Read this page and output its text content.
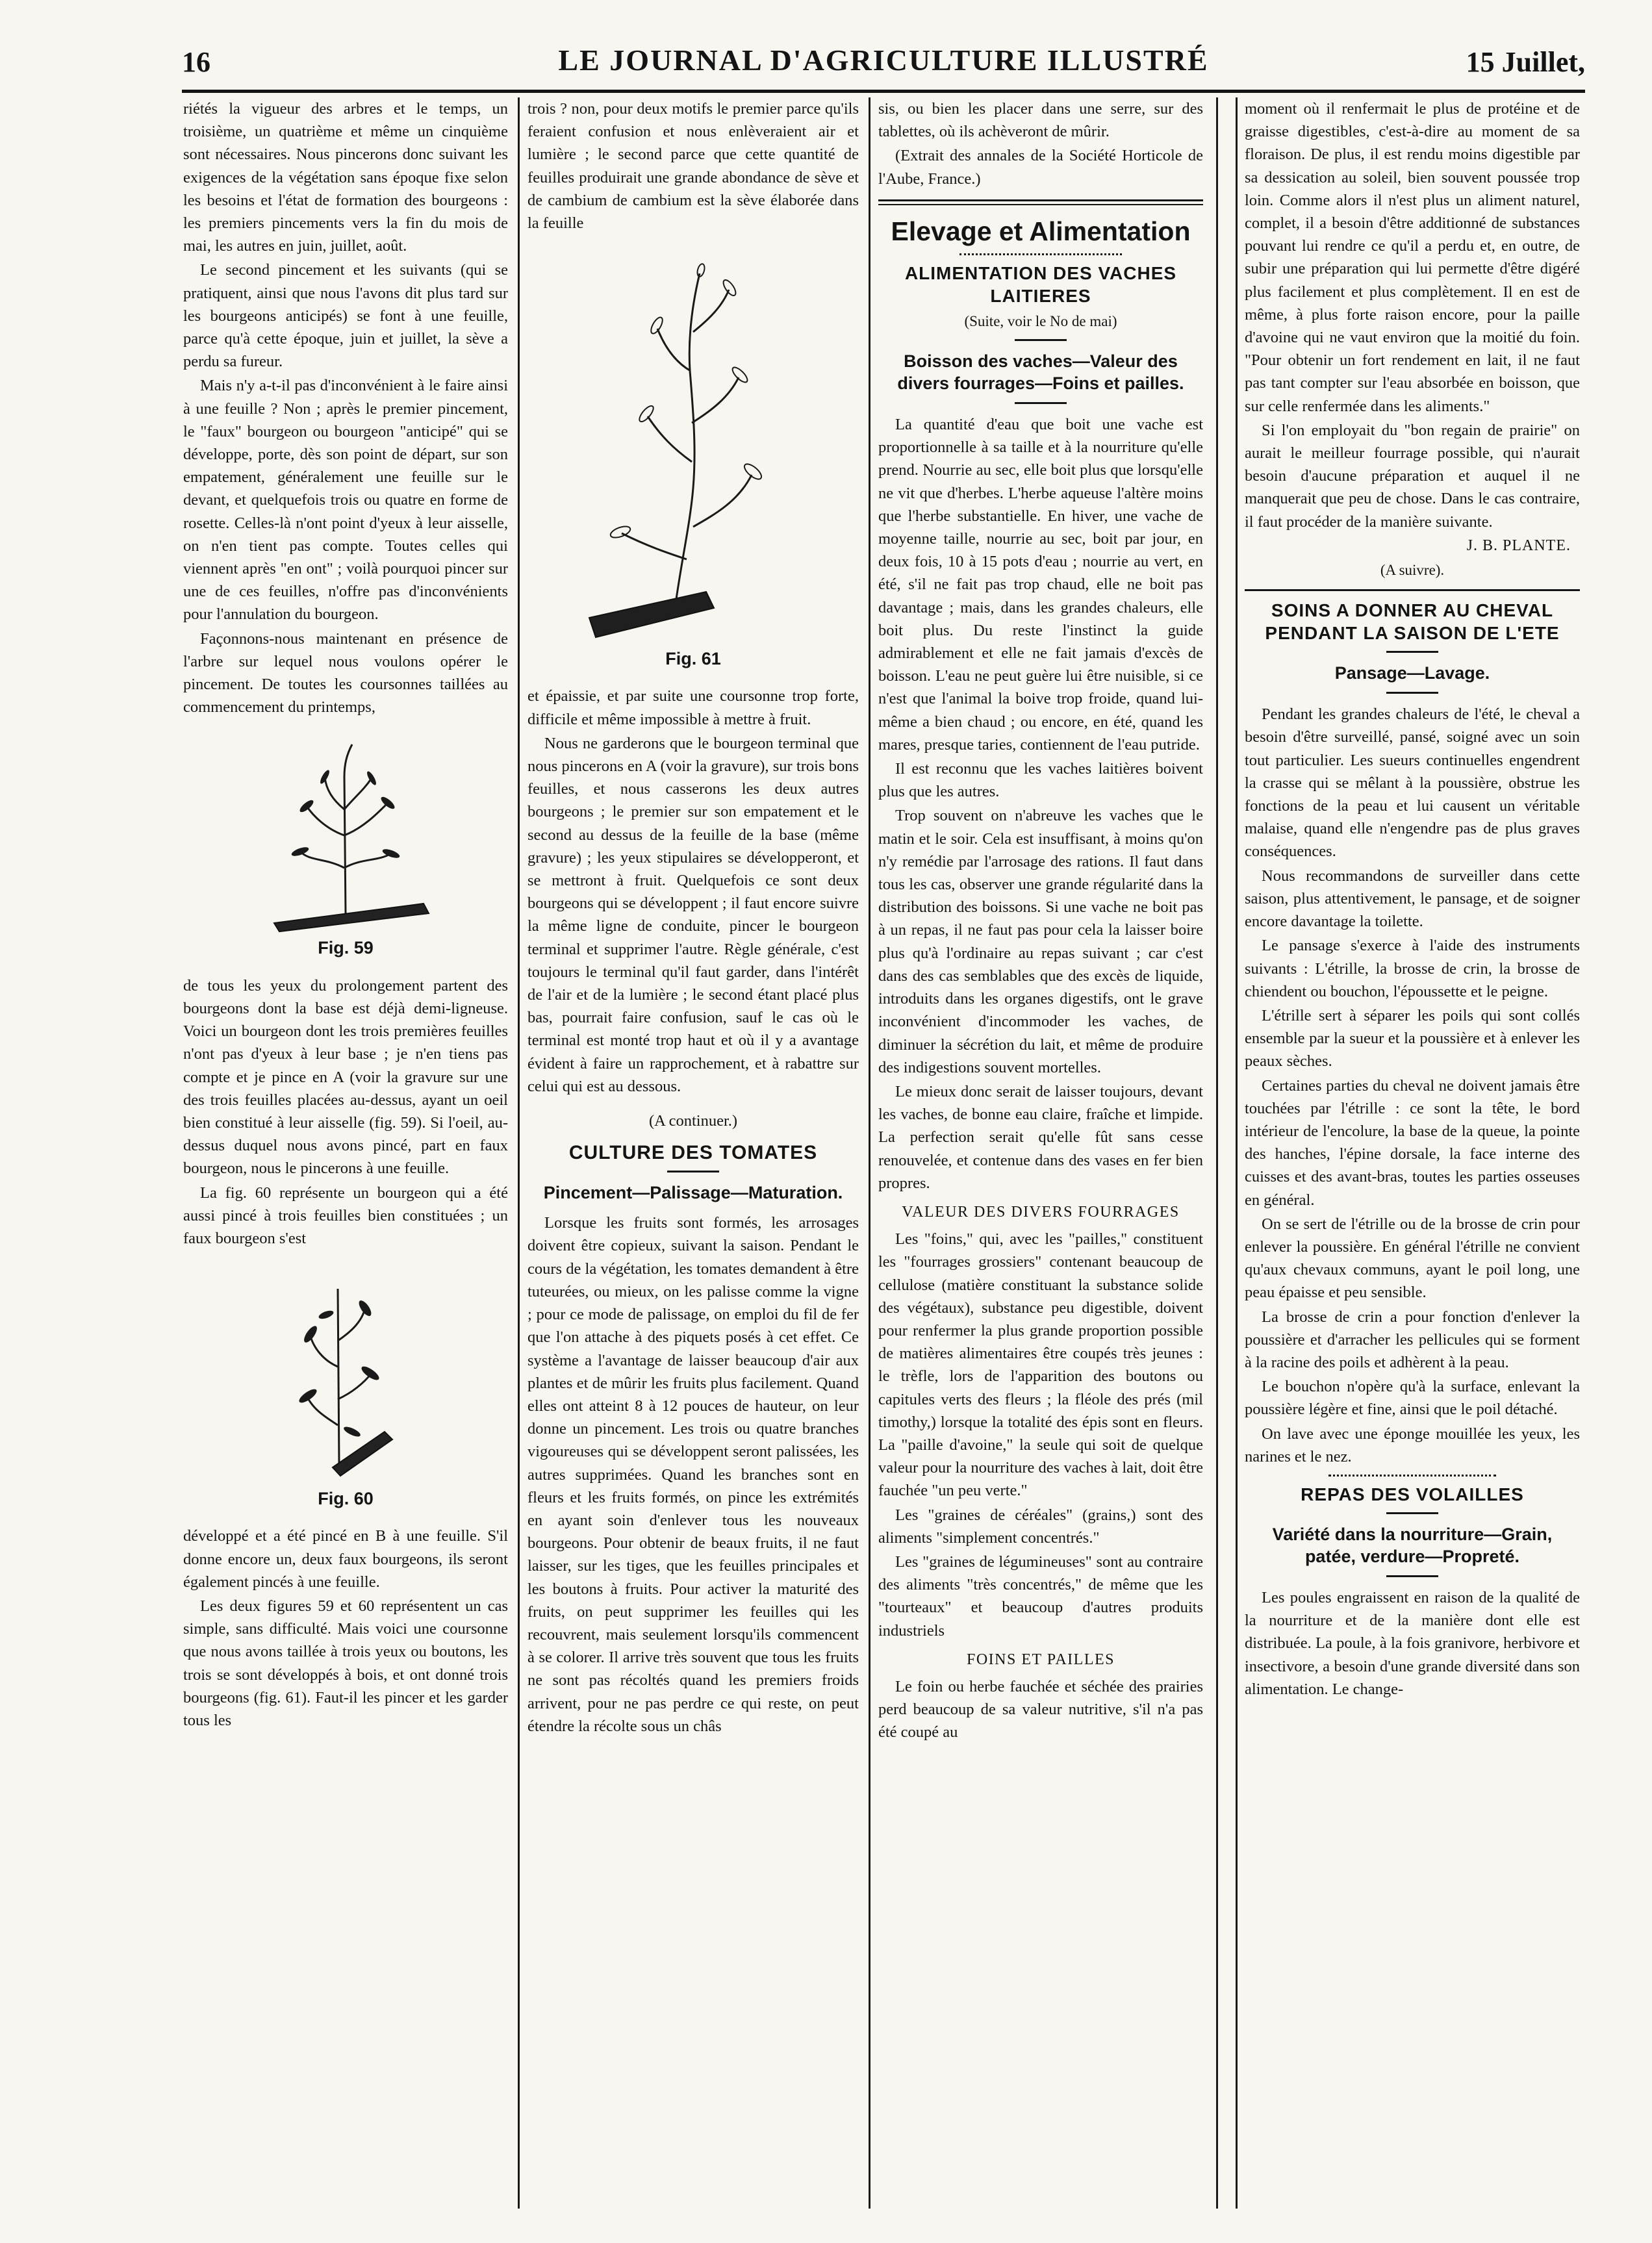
16	LE JOURNAL D'AGRICULTURE ILLUSTRÉ	15 Juillet,

riétés la vigueur des arbres et le temps, un troisième, un quatrième et même un cinquième sont nécessaires. Nous pincerons donc suivant les exigences de la végétation sans époque fixe selon les besoins et l'état de formation des bourgeons : les premiers pincements vers la fin du mois de mai, les autres en juin, juillet, août.

Le second pincement et les suivants (qui se pratiquent, ainsi que nous l'avons dit plus tard sur les bourgeons anticipés) se font à une feuille, parce qu'à cette époque, juin et juillet, la sève a perdu sa fureur.

Mais n'y a-t-il pas d'inconvénient à le faire ainsi à une feuille ? Non ; après le premier pincement, le "faux" bourgeon ou bourgeon "anticipé" qui se développe, porte, dès son point de départ, sur son empatement, généralement une feuille sur le devant, et quelquefois trois ou quatre en forme de rosette. Celles-là n'ont point d'yeux à leur aisselle, on n'en tient pas compte. Toutes celles qui viennent après "en ont" ; voilà pourquoi pincer sur une de ces feuilles, n'offre pas d'inconvénients pour l'annulation du bourgeon.

Façonnons-nous maintenant en présence de l'arbre sur lequel nous voulons opérer le pincement. De toutes les coursonnes taillées au commencement du printemps,

Fig. 59

de tous les yeux du prolongement partent des bourgeons dont la base est déjà demi-ligneuse. Voici un bourgeon dont les trois premières feuilles n'ont pas d'yeux à leur base ; je n'en tiens pas compte et je pince en A (voir la gravure sur une des trois feuilles placées au-dessus, ayant un oeil bien constitué à leur aisselle (fig. 59). Si l'oeil, au-dessus duquel nous avons pincé, part en faux bourgeon, nous le pincerons à une feuille.

La fig. 60 représente un bourgeon qui a été aussi pincé à trois feuilles bien constituées ; un faux bourgeon s'est

Fig. 60

développé et a été pincé en B à une feuille. S'il donne encore un, deux faux bourgeons, ils seront également pincés à une feuille.

Les deux figures 59 et 60 représentent un cas simple, sans difficulté. Mais voici une coursonne que nous avons taillée à trois yeux ou boutons, les trois se sont développés à bois, et ont donné trois bourgeons (fig. 61). Faut-il les pincer et les garder tous les

trois ? non, pour deux motifs le premier parce qu'ils feraient confusion et nous enlèveraient air et lumière ; le second parce que cette quantité de feuilles produirait une grande abondance de sève et de cambium de cambium est la sève élaborée dans la feuille

Fig. 61

et épaissie, et par suite une coursonne trop forte, difficile et même impossible à mettre à fruit.

Nous ne garderons que le bourgeon terminal que nous pincerons en A (voir la gravure), sur trois bons feuilles, et nous casserons les deux autres bourgeons ; le premier sur son empatement et le second au dessus de la feuille de la base (même gravure) ; les yeux stipulaires se développeront, et se mettront à fruit. Quelquefois ce sont deux bourgeons qui se développent ; il faut encore suivre la même ligne de conduite, pincer le bourgeon terminal et supprimer l'autre. Règle générale, c'est toujours le terminal qu'il faut garder, dans l'intérêt de l'air et de la lumière ; le second étant placé plus bas, pourrait faire confusion, sauf le cas où le terminal est monté trop haut et où il y a avantage évident à faire un rapprochement, et à rabattre sur celui qui est au dessous.

(A continuer.)
CULTURE DES TOMATES
Pincement—Palissage—Maturation.

Lorsque les fruits sont formés, les arrosages doivent être copieux, suivant la saison. Pendant le cours de la végétation, les tomates demandent à être tuteurées, ou mieux, on les palisse comme la vigne ; pour ce mode de palissage, on emploi du fil de fer que l'on attache à des piquets posés à cet effet. Ce système a l'avantage de laisser beaucoup d'air aux plantes et de mûrir les fruits plus facilement. Quand elles ont atteint 8 à 12 pouces de hauteur, on leur donne un pincement. Les trois ou quatre branches vigoureuses qui se développent seront palissées, les autres supprimées. Quand les branches sont en fleurs et les fruits formés, on pince les extrémités en ayant soin d'enlever tous les nouveaux bourgeons. Pour obtenir de beaux fruits, il ne faut laisser, sur les tiges, que les feuilles principales et les boutons à fruits. Pour activer la maturité des fruits, on peut supprimer les feuilles qui les recouvrent, mais seulement lorsqu'ils commencent à se colorer. Il arrive très souvent que tous les fruits ne sont pas récoltés quand les premiers froids arrivent, pour ne pas perdre ce qui reste, on peut étendre la récolte sous un châs

sis, ou bien les placer dans une serre, sur des tablettes, où ils achèveront de mûrir.

(Extrait des annales de la Société Horticole de l'Aube, France.)

Elevage et Alimentation
ALIMENTATION DES VACHES LAITIERES
(Suite, voir le No de mai)
Boisson des vaches—Valeur des divers fourrages—Foins et pailles.

La quantité d'eau que boit une vache est proportionnelle à sa taille et à la nourriture qu'elle prend. Nourrie au sec, elle boit plus que lorsqu'elle ne vit que d'herbes. L'herbe aqueuse l'altère moins que l'herbe substantielle. En hiver, une vache de moyenne taille, nourrie au sec, boit par jour, en deux fois, 10 à 15 pots d'eau ; nourrie au vert, en été, s'il ne fait pas trop chaud, elle ne boit pas davantage ; mais, dans les grandes chaleurs, elle boit plus. Du reste l'instinct la guide admirablement et elle ne fait jamais d'excès de boisson. L'eau ne peut guère lui être nuisible, si ce n'est que l'animal la boive trop froide, quand lui-même a bien chaud ; ou encore, en été, quand les mares, presque taries, contiennent de l'eau putride.

Il est reconnu que les vaches laitières boivent plus que les autres.

Trop souvent on n'abreuve les vaches que le matin et le soir. Cela est insuffisant, à moins qu'on n'y remédie par l'arrosage des rations. Il faut dans tous les cas, observer une grande régularité dans la distribution des boissons. Si une vache ne boit pas à un repas, il ne faut pas pour cela la laisser boire plus qu'à l'ordinaire au repas suivant ; car c'est dans des cas semblables que des excès de liquide, introduits dans les organes digestifs, ont le grave inconvénient d'incommoder les vaches, de diminuer la sécrétion du lait, et même de produire des indigestions souvent mortelles.

Le mieux donc serait de laisser toujours, devant les vaches, de bonne eau claire, fraîche et limpide. La perfection serait qu'elle fût sans cesse renouvelée, et contenue dans des vases en fer bien propres.

VALEUR DES DIVERS FOURRAGES

Les "foins," qui, avec les "pailles," constituent les "fourrages grossiers" contenant beaucoup de cellulose (matière constituant la substance solide des végétaux), substance peu digestible, doivent pour renfermer la plus grande proportion possible de matières alimentaires être coupés très jeunes : le trèfle, lors de l'apparition des boutons ou capitules verts des fleurs ; la fléole des prés (mil timothy,) lorsque la totalité des épis sont en fleurs. La "paille d'avoine," la seule qui soit de quelque valeur pour la nourriture des vaches à lait, doit être fauchée "un peu verte."

Les "graines de céréales" (grains,) sont des aliments "simplement concentrés."

Les "graines de légumineuses" sont au contraire des aliments "très concentrés," de même que les "tourteaux" et beaucoup d'autres produits industriels

FOINS ET PAILLES

Le foin ou herbe fauchée et séchée des prairies perd beaucoup de sa valeur nutritive, s'il n'a pas été coupé au

moment où il renfermait le plus de protéine et de graisse digestibles, c'est-à-dire au moment de sa floraison. De plus, il est rendu moins digestible par sa dessication au soleil, bien souvent poussée trop loin. Comme alors il n'est plus un aliment naturel, complet, il a besoin d'être additionné de substances pouvant lui rendre ce qu'il a perdu et, en outre, de subir une préparation qui lui permette d'être digéré plus facilement et plus complètement. Il en est de même, à plus forte raison encore, pour la paille d'avoine qui ne vaut environ que la moitié du foin. "Pour obtenir un fort rendement en lait, il ne faut pas tant compter sur l'eau absorbée en boisson, que sur celle renfermée dans les aliments."

Si l'on employait du "bon regain de prairie" on aurait le meilleur fourrage possible, qui n'aurait besoin d'aucune préparation et auquel il ne manquerait que peu de chose. Dans le cas contraire, il faut procéder de la manière suivante.

J. B. PLANTE.
(A suivre).
SOINS A DONNER AU CHEVAL PENDANT LA SAISON DE L'ETE
Pansage—Lavage.

Pendant les grandes chaleurs de l'été, le cheval a besoin d'être surveillé, pansé, soigné avec un soin tout particulier. Les sueurs continuelles engendrent la crasse qui se mêlant à la poussière, obstrue les fonctions de la peau et lui causent un véritable malaise, quand elle n'engendre pas de plus graves conséquences.

Nous recommandons de surveiller dans cette saison, plus attentivement, le pansage, et de soigner encore davantage la toilette.

Le pansage s'exerce à l'aide des instruments suivants : L'étrille, la brosse de crin, la brosse de chiendent ou bouchon, l'époussette et le peigne.

L'étrille sert à séparer les poils qui sont collés ensemble par la sueur et la poussière et à enlever les peaux sèches.

Certaines parties du cheval ne doivent jamais être touchées par l'étrille : ce sont la tête, le bord intérieur de l'encolure, la base de la queue, la pointe des hanches, l'épine dorsale, la face interne des cuisses et des avant-bras, toutes les parties osseuses en général.

On se sert de l'étrille ou de la brosse de crin pour enlever la poussière. En général l'étrille ne convient qu'aux chevaux communs, ayant le poil long, une peau épaisse et peu sensible.

La brosse de crin a pour fonction d'enlever la poussière et d'arracher les pellicules qui se forment à la racine des poils et adhèrent à la peau.

Le bouchon n'opère qu'à la surface, enlevant la poussière légère et fine, ainsi que le poil détaché.

On lave avec une éponge mouillée les yeux, les narines et le nez.

REPAS DES VOLAILLES
Variété dans la nourriture—Grain, patée, verdure—Propreté.

Les poules engraissent en raison de la qualité de la nourriture et de la manière dont elle est distribuée. La poule, à la fois granivore, herbivore et insectivore, a besoin d'une grande diversité dans son alimentation. Le change-
